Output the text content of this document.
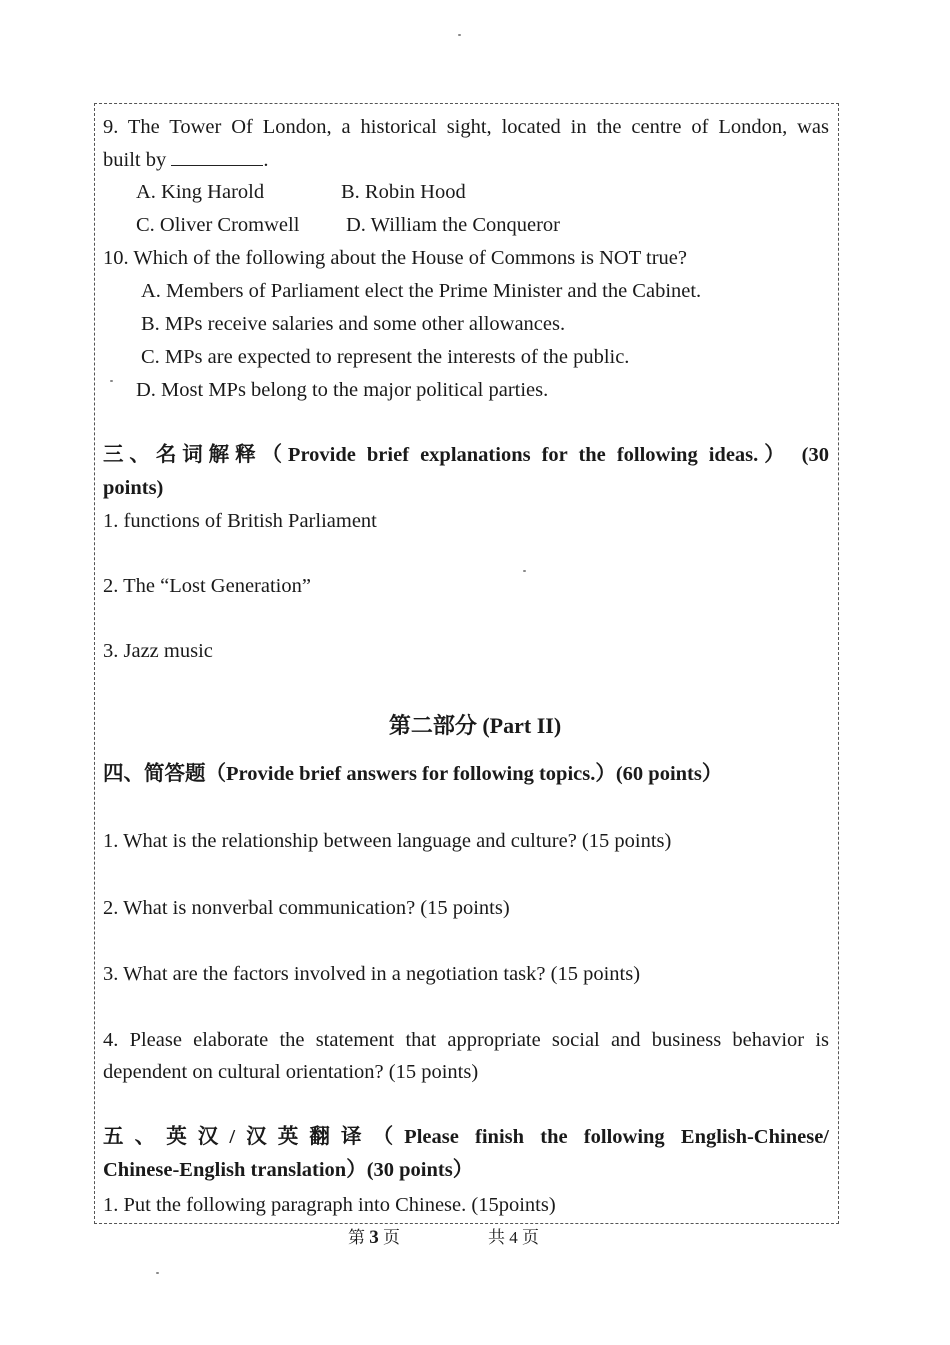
9. The Tower Of London, a historical sight, located in the centre of London, was
built by	.
A. King Harold	B. Robin Hood
C. Oliver Cromwell D. William the Conqueror
10. Which of the following about the House of Commons is NOT true?
A. Members of Parliament elect the Prime Minister and the Cabinet.
B. MPs receive salaries and some other allowances.
C. MPs are expected to represent the interests of the public.
D. Most MPs belong to the major political parties.
三、名词解释（Provide brief explanations for the following ideas.） (30
points)
1. functions of British Parliament
2. The “Lost Generation”
3. Jazz music
第二部分 (Part II)
四、简答题（Provide brief answers for following topics.）(60 points）
1. What is the relationship between language and culture? (15 points)
2. What is nonverbal communication? (15 points)
3. What are the factors involved in a negotiation task? (15 points)
4. Please elaborate the statement that appropriate social and business behavior is
dependent on cultural orientation? (15 points)
五、英汉/汉英翻译（Please finish the following English-Chinese/
Chinese-English translation）(30 points）
1. Put the following paragraph into Chinese. (15points)
第 3 页	共 4 页
